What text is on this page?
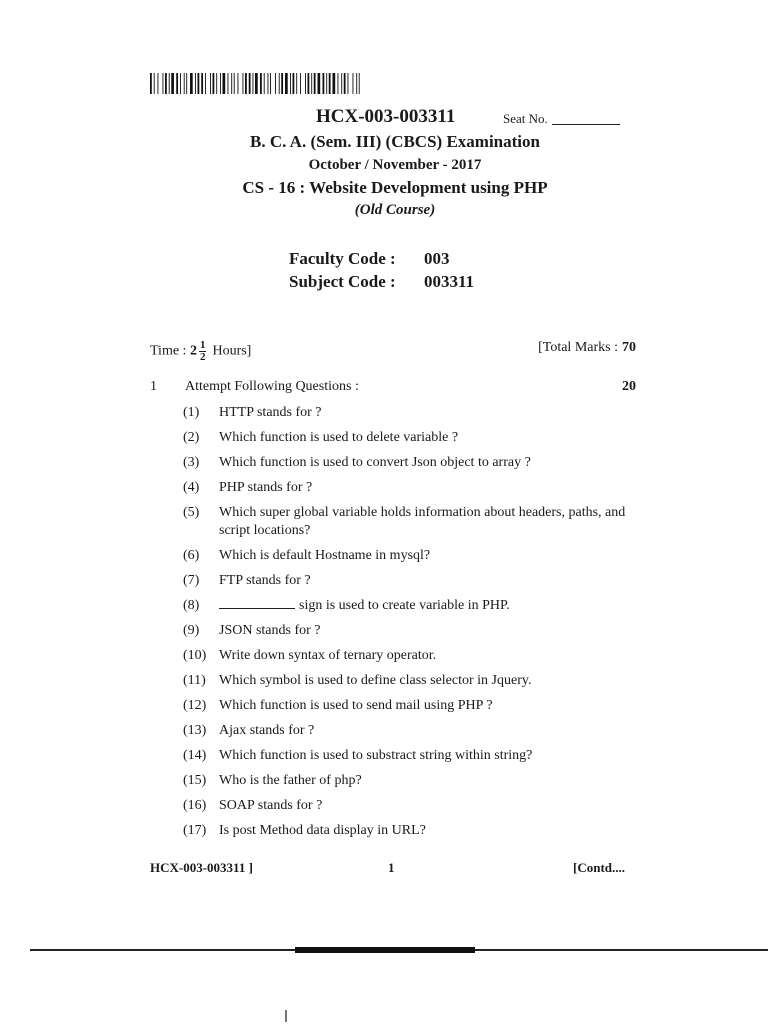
HCX-003-003311	Seat No.
B. C. A. (Sem. III) (CBCS) Examination
October / November - 2017
CS - 16 : Website Development using PHP
(Old Course)
Faculty Code : 003
Subject Code : 003311
Time : $2 \frac{1}{2}$ Hours]	[Total Marks : 70
1 Attempt Following Questions :	20
(1)	HTTP stands for ?
(2)	Which function is used to delete variable ?
(3)	Which function is used to convert Json object to array ?
(4)	PHP stands for ?
(5)	Which super global variable holds information about headers, paths, and script locations?
(6)	Which is default Hostname in mysql?
(7)	FTP stands for ?
(8)	sign is used to create variable in PHP.
(9)	JSON stands for ?
(10) Write down syntax of ternary operator.
(11) Which symbol is used to define class selector in Jquery.
(12) Which function is used to send mail using PHP ?
(13) Ajax stands for ?
(14) Which function is used to substract string within string?
(15) Who is the father of php?
(16) SOAP stands for ?
(17) Is post Method data display in URL?
HCX-003-003311 ]	1	[Contd....
